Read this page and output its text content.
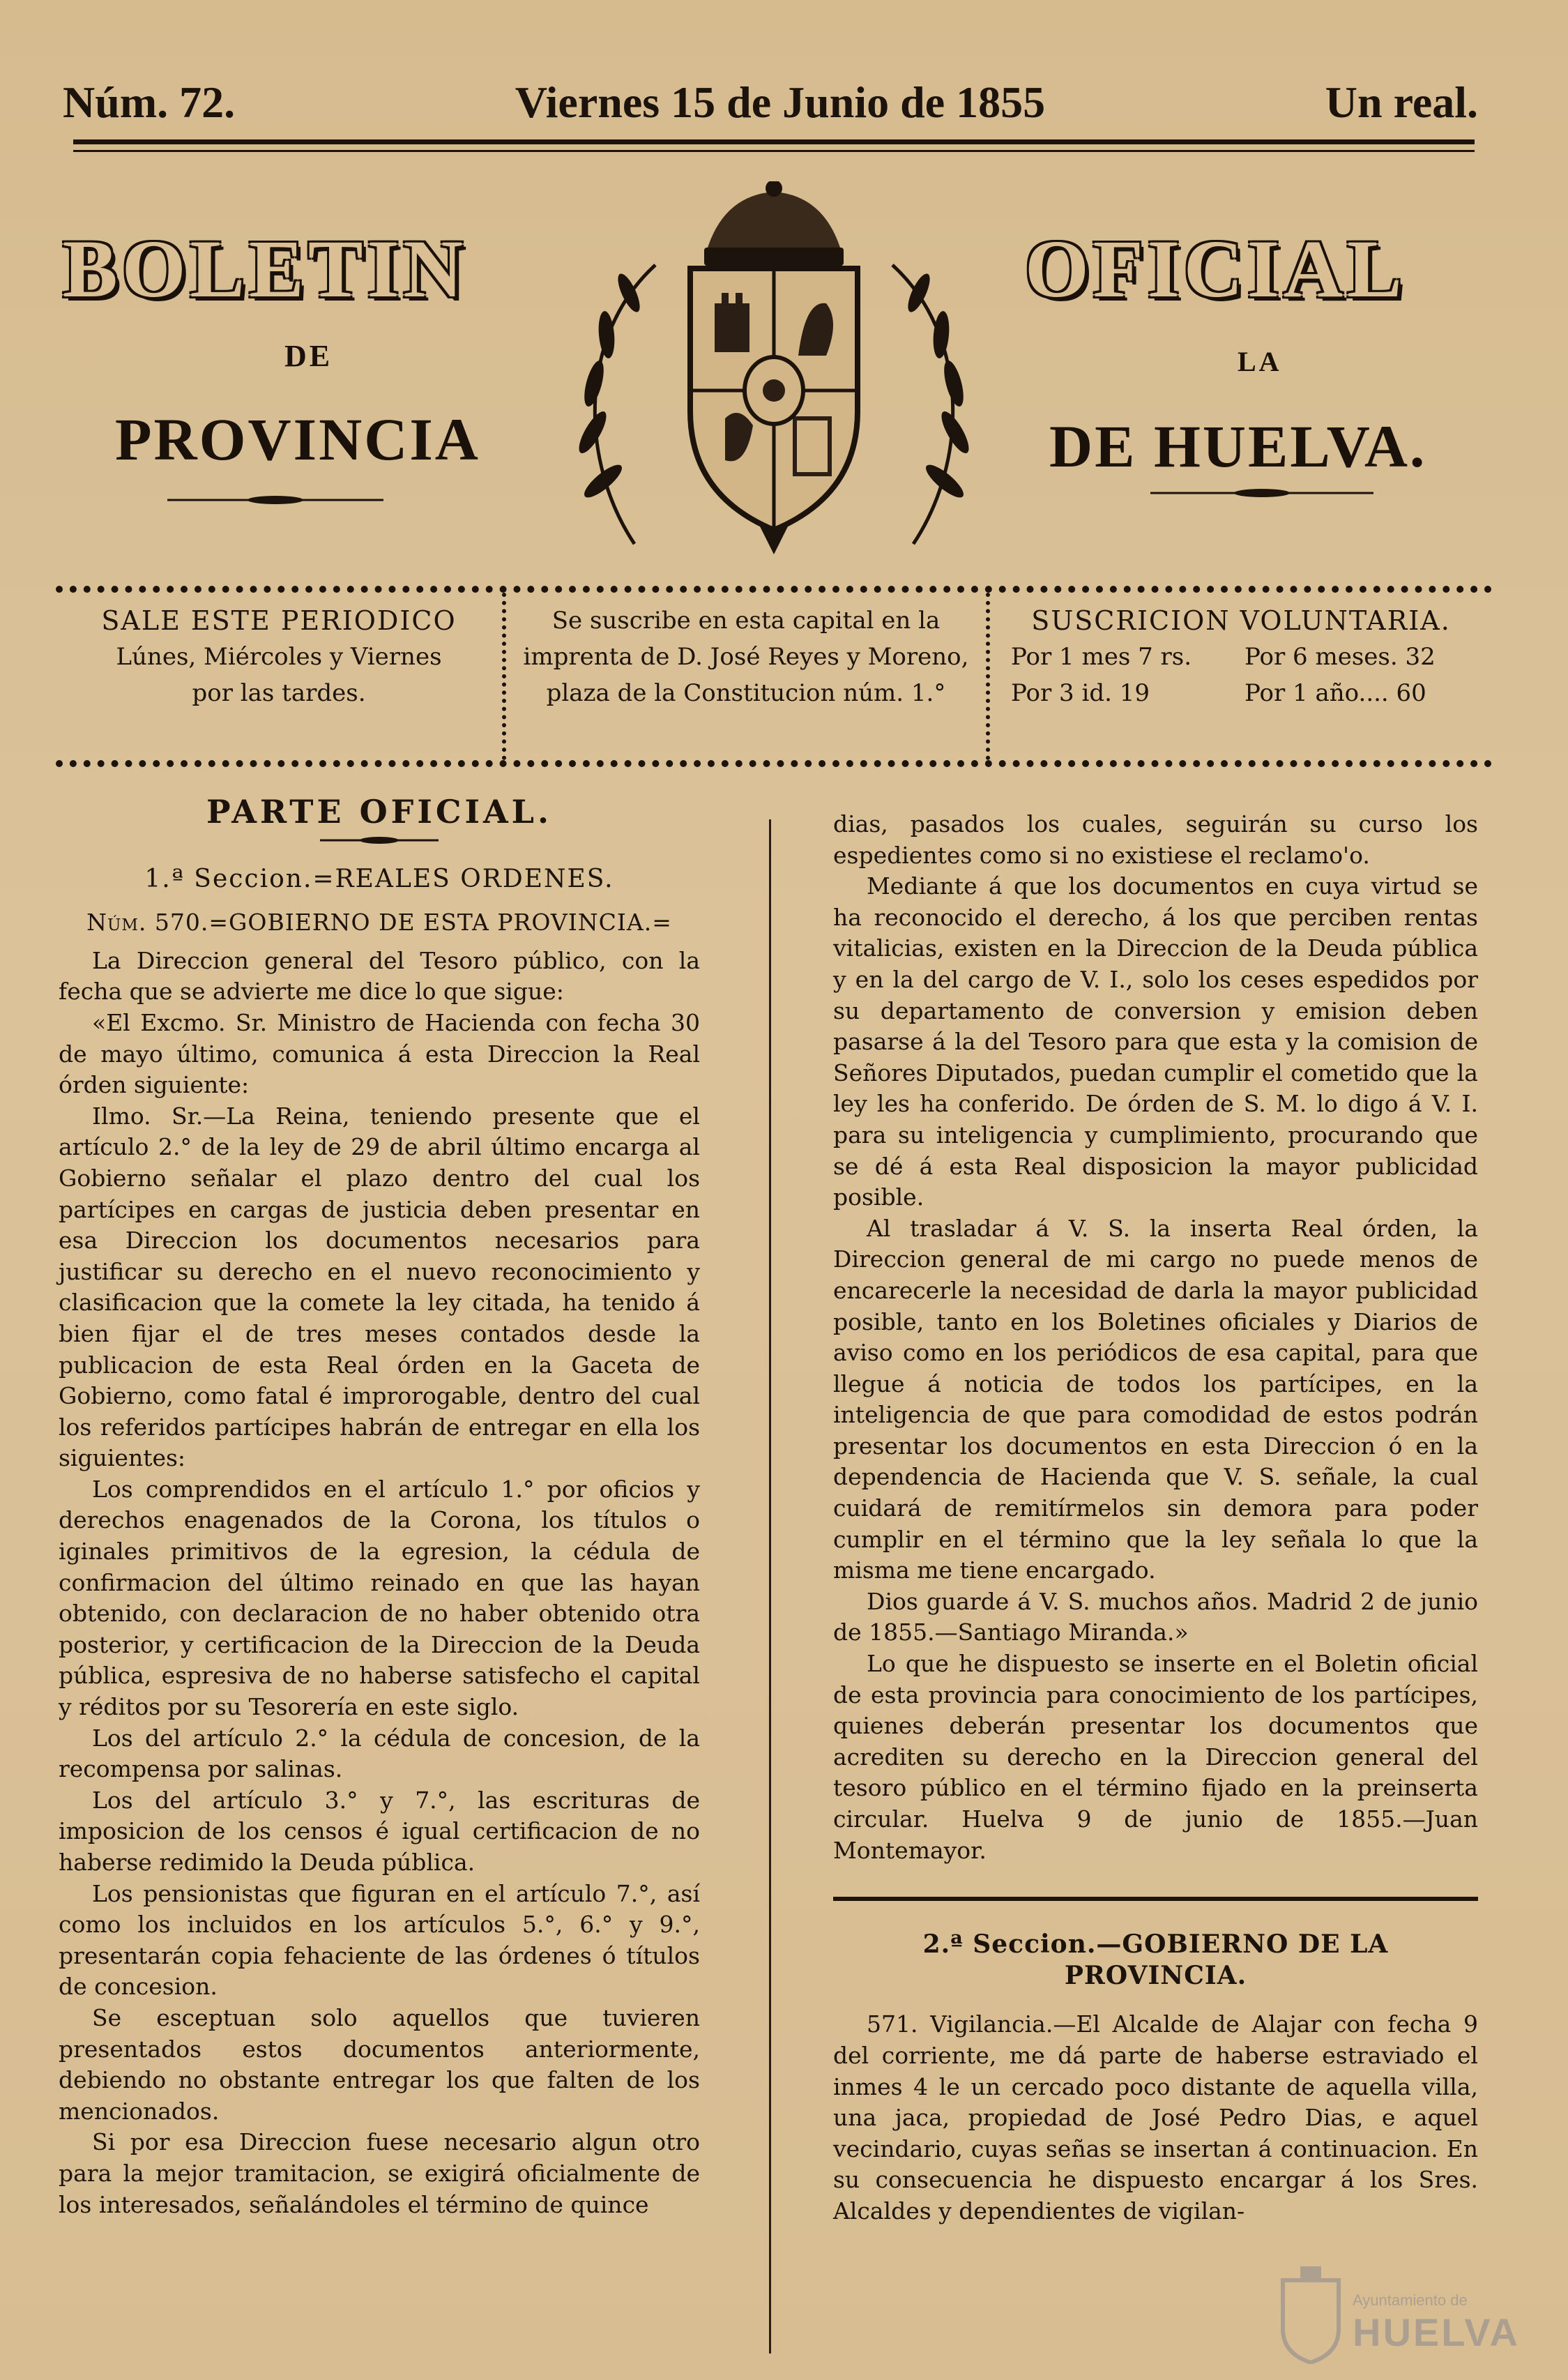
Núm. 72.	Viernes 15 de Junio de 1855	Un real.
BOLETIN	OFICIAL
DE	LA
PROVINCIA	DE HUELVA.
SALE ESTE PERIODICO
Lúnes, Miércoles y Viernes
por las tardes.
Se suscribe en esta capital en la
imprenta de D. José Reyes y Moreno,
plaza de la Constitucion núm. 1.°
SUSCRICION VOLUNTARIA.
Por 1 mes 7 rs.	Por 6 meses. 32
Por 3 id. 19	Por 1 año.... 60
PARTE OFICIAL.

1.ª Seccion.=REALES ORDENES.

Núm. 570.=GOBIERNO DE ESTA PROVINCIA.=

La Direccion general del Tesoro público, con la fecha que se advierte me dice lo que sigue:

«El Excmo. Sr. Ministro de Hacienda con fecha 30 de mayo último, comunica á esta Direccion la Real órden siguiente:

Ilmo. Sr.—La Reina, teniendo presente que el artículo 2.° de la ley de 29 de abril último encarga al Gobierno señalar el plazo dentro del cual los partícipes en cargas de justicia deben presentar en esa Direccion los documentos necesarios para justificar su derecho en el nuevo reconocimiento y clasificacion que la comete la ley citada, ha tenido á bien fijar el de tres meses contados desde la publicacion de esta Real órden en la Gaceta de Gobierno, como fatal é improrogable, dentro del cual los referidos partícipes habrán de entregar en ella los siguientes:

Los comprendidos en el artículo 1.° por oficios y derechos enagenados de la Corona, los títulos o iginales primitivos de la egresion, la cédula de confirmacion del último reinado en que las hayan obtenido, con declaracion de no haber obtenido otra posterior, y certificacion de la Direccion de la Deuda pública, espresiva de no haberse satisfecho el capital y réditos por su Tesorería en este siglo.

Los del artículo 2.° la cédula de concesion, de la recompensa por salinas.

Los del artículo 3.° y 7.°, las escrituras de imposicion de los censos é igual certificacion de no haberse redimido la Deuda pública.

Los pensionistas que figuran en el artículo 7.°, así como los incluidos en los artículos 5.°, 6.° y 9.°, presentarán copia fehaciente de las órdenes ó títulos de concesion.

Se esceptuan solo aquellos que tuvieren presentados estos documentos anteriormente, debiendo no obstante entregar los que falten de los mencionados.

Si por esa Direccion fuese necesario algun otro para la mejor tramitacion, se exigirá oficialmente de los interesados, señalándoles el término de quince

dias, pasados los cuales, seguirán su curso los espedientes como si no existiese el reclamo'o.

Mediante á que los documentos en cuya virtud se ha reconocido el derecho, á los que perciben rentas vitalicias, existen en la Direccion de la Deuda pública y en la del cargo de V. I., solo los ceses espedidos por su departamento de conversion y emision deben pasarse á la del Tesoro para que esta y la comision de Señores Diputados, puedan cumplir el cometido que la ley les ha conferido. De órden de S. M. lo digo á V. I. para su inteligencia y cumplimiento, procurando que se dé á esta Real disposicion la mayor publicidad posible.

Al trasladar á V. S. la inserta Real órden, la Direccion general de mi cargo no puede menos de encarecerle la necesidad de darla la mayor publicidad posible, tanto en los Boletines oficiales y Diarios de aviso como en los periódicos de esa capital, para que llegue á noticia de todos los partícipes, en la inteligencia de que para comodidad de estos podrán presentar los documentos en esta Direccion ó en la dependencia de Hacienda que V. S. señale, la cual cuidará de remitírmelos sin demora para poder cumplir en el término que la ley señala lo que la misma me tiene encargado.

Dios guarde á V. S. muchos años. Madrid 2 de junio de 1855.—Santiago Miranda.»

Lo que he dispuesto se inserte en el Boletin oficial de esta provincia para conocimiento de los partícipes, quienes deberán presentar los documentos que acrediten su derecho en la Direccion general del tesoro público en el término fijado en la preinserta circular. Huelva 9 de junio de 1855.—Juan Montemayor.

2.ª Seccion.—GOBIERNO DE LA PROVINCIA.

571. Vigilancia.—El Alcalde de Alajar con fecha 9 del corriente, me dá parte de haberse estraviado el inmes 4 le un cercado poco distante de aquella villa, una jaca, propiedad de José Pedro Dias, e aquel vecindario, cuyas señas se insertan á continuacion. En su consecuencia he dispuesto encargar á los Sres. Alcaldes y dependientes de vigilan-

Ayuntamiento de
HUELVA
